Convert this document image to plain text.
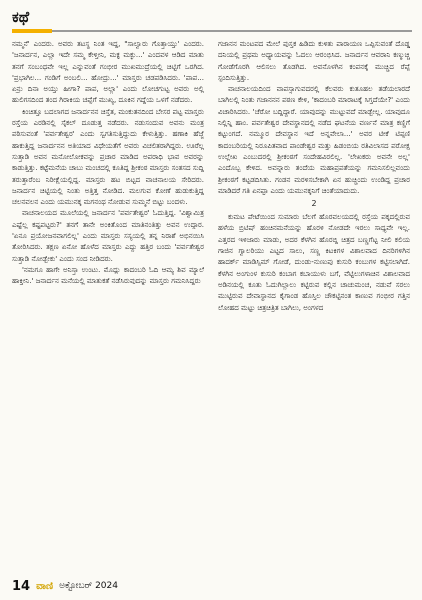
ಕಥೆ

ನಮ್ಮನೆ' ಎಂದರು. ಅವರು ತಟಸ್ಥ ನಿಂತ ಇದ್ದ, "ಸಾಲ್ವಾರು ಗೊತ್ತಾಯ್ತು' ಎಂದರು. 'ಜನಾರ್ದನ, ಎಲ್ಲಾ ಇದೇ ಸಮ್ಮ ಕೇಳ್ತೀನಿ, ಮಕ್ಳ ಮಕ್ಳು...' ಎಂದವಳ ಆಡಿದ ಮಾತು ತನಗೆ ಸಂಬಂಧವೇ ಇಲ್ಲ ಎನ್ನುವಂತೆ ಗಂಭೀರ ಮುಖಮುದ್ರೆಯಲ್ಲಿ ಚಿಟ್ಟಿಗೆ ಒರಗಿದ. 'ಪ್ರಭಾಗಿಲ... ಗಂಡಿಗೆ ಅಂಬಲಿ... ಹೋದ್ರು...' ಮಾಸ್ತರು ಚಡಪಡಿಸಿದರು. 'ಪಾಪ... ಏನ್ರು ದಿನಾ ಅಯ್ತು ಹೀಗಾ? ಪಾಪ, ಅಲ್ಲಾ' ಎಂದು ಲೋಚಗುಟ್ಟ ಅವರು ಅಲ್ಲಿ ಹುಲಿಗಸದಿಂದ ತಂದ ಗಿರಾಕಿಯ ಚಪ್ಪೆಗೆ ಮುಖ್ಯ, ದೂಕಿನ ಗದ್ದೆಯ ಒಳಗೆ ನಡೆದರು.

ಕಿಂಚಿತ್ತೂ ಬದಲಾಗದ ಜನಾರ್ದನನ ಚಿಸ್ತೆತ, ಮಂಕುತನದಿಂದ ಬೇಸರ ಪಟ್ಟ ಮಾಸ್ತರು ರಸ್ತೆಯ ಎರಡಿನಲ್ಲಿ ಸೈಕಲ್ ದೂಡುತ್ತ ನಡೆದರು. ನಡುಸಂದುವ ಅವನು ಮಂತ್ರ ಪಠಿಸುವಂತೆ 'ಪರ್ವತೇಶ್ವರ' ಎಂದು ಸ್ವಗತಿಸುತ್ತಿದ್ದುದು ಕೇಳುತ್ತಿತ್ತು. ಹಣಾಕಿ ಹೆಜ್ಜೆ ಹಾಕುತ್ತಿದ್ದ ಜನಾರ್ದನನ ಅತಿಯಾದ ವಿಧೇಯತೆಗೆ ಅವರು ವಿಚಲಿತರಾಗಿದ್ದರು. ಊರೆಲ್ಲ ಸುತ್ತಾಡಿ ಅವನ ಮನೋಲೋಕವನ್ನು ಪ್ರಚಾರ ಮಾಡಿದ ಅಪರಾಧಿ ಭಾವ ಅವರನ್ನು ಕಾಡುತ್ತಿತ್ತು. ಕಟ್ಟೆಮನೆಯ ಚಾಬು ಮಂಚದಲ್ಲಿ ಕೂತಿದ್ದ ಶ್ರೀಕಂಠ ಮಾಸ್ತರು ಸಂತಸದ ಸುದ್ದಿ ತರುತ್ತಾರೆಂಬ ನಿರೀಕ್ಷೆಯಲ್ಲಿದ್ದ. ಮಾಸ್ತರು ಹಟ ಬಿಟ್ಟದ ವಾಚನಾಲಯ ಸೇರಿದರು. ಜನಾರ್ದನ ಚಿಟ್ಟಿಯಲ್ಲಿ ನಿಂತು ಅತ್ತಿತ್ತ ನೋಡಿದ. ಮಲಗುವ ಕೋಣೆ ಹುಡುಕುತ್ತಿದ್ದ ಚಲನವಲನ ಎಂದು ಯಮುನಕ್ಕ ಮಗನಂಥ ನೋಡುವ ಸುಮ್ಮನೆ ಬಿಟ್ಟು ಬಂದಳು.

ವಾಚನಾಲಯದ ಮೂಲೆಯಲ್ಲಿ ಜನಾರ್ದನ 'ಪರ್ವತೇಶ್ವರ' ಓದುತ್ತಿದ್ದ. 'ವಿಶ್ವಾಮಿತ್ರ ಎಷ್ಟೆಲ್ಲ ಕಷ್ಟಪಟ್ಟರು?' ತನಗೆ ತಾನೇ ಅಂಕಿತೊಂದ ಮಾತಿನಂತಿತ್ತು ಅವನ ಉದ್ಗಾರ. 'ಏನೂ ಪ್ರಯೋಜನವಾಗಲಿಲ್ಲ' ಎಂದು ಮಾಸ್ತರು ಸಸ್ಯಯಲ್ಲಿ ತನ್ನ ನಿರಾಶೆ ಅಭಿನಯಿಸಿ ತೋರಿಸಿದರು. ತಕ್ಷಣ ಏನೋ ಹೊಳೆದ ಮಾಸ್ತರು ಎದ್ದು ಹತ್ತಿರ ಬಂದು 'ಪರ್ವತೇಶ್ವರ ಸುತ್ತಾಡಿ ನೋಡ್ಬೇಕು' ಎಂದು ಸಂದ ನೀಡಿದರು.

'ನಮಗೂ ಹಾಗೇ ಅನಿಸ್ತಾ ಉಂಟು. ಮೊದ್ಲು ಕಾದಂಬರಿ ಓದಿ ಆಮ್ಯ ಶಿವ ಮ್ಯಾಲೆ ಹಾಕ್ತೀನಿ.' ಜನಾರ್ದನ ಮನೆಯಲ್ಲಿ ಮಾತುಕತೆ ನಡೆಸಿರುವುದನ್ನು ಮಾಸ್ತರು ಗಮನಿಸಿದ್ದರು

ಗಜಾನನ ಮಂಟಪದ ಮೇಲೆ ಪುಸ್ತಕ ಹಿಡಿದು ಕುಳಿತು ಪಾರಾಯಣ ಒಪ್ಪಿಸುವಂತೆ ದೊಡ್ಡ ದನಿಯಲ್ಲಿ ಪ್ರಥಮ ಅಧ್ಯಾಯವನ್ನು ಓದಲು ಆರಂಭಿಸಿದ. ಜನಾರ್ದನ ಆವರಾನಿ ಕಣ್ಮುಚ್ಚಿ ಗೋಡೆಗೊರಗಿ ಆಲಿಸಲು ತೊಡಗಿದ. ಅವನೊಳಗಿನ ಕಂಪನಕ್ಕೆ ಮುಚ್ಚಿದ ರೆಪ್ಪೆ ಸ್ಪಂದಿಸುತ್ತಿತ್ತು.

ವಾಚನಾಲಯದಿಂದ ವಾಪಸ್ಸಾಗುವದರಲ್ಲಿ ಕೆಲವರು ಕುತೂಹಲ ತಡೆಯಲಾರದೆ ಬಾಗಿಲಲ್ಲಿ ನಿಂತು ಗಜಾನನನ ಪಠಣ ಕೇಳಿ, 'ಕಾದಂಬರಿ ಮಾರಾಟಕ್ಕೆ ಸಿಗ್ತದೆಯೇ?' ಎಂದು ವಿಚಾರಿಸಿದರು. 'ಚೆರೋ ಬದ್ದಿದ್ದಾರೆ. ಯಾವುದನ್ನು ಮುಟ್ಟುವದೆ ಮಾಡ್ಬೇಲ್ಲ. ಯಾವುದೂ ನಿಲ್ಲಿನ್ನಿ ಹಾಂ. ಪರ್ವತೇಶ್ವರ ದೇವಸ್ಥಾನದಲ್ಲಿ ನಡೆದ ಘಟನೆಯ ವರ್ಣನೆ ಮಾತ್ರ ಕಣ್ಣಿಗೆ ಕಟ್ಟುಂಗದೆ. ನಮ್ಮೂರ ದೇವಸ್ಥಾನ ಇದೆ ಅನ್ನವೇಲಾ...' ಅವರ ಟೀಕೆ ಟಿಪ್ಪಣಿ ಕಾದಂಬರಿಯಲ್ಲಿ ನಿರೂಪಿತವಾದ ಪಾಂಡೇಶ್ವರ ಮತ್ತು ಹಿಡಂಬಿಯ ರತಿವಿಲಾಸದ ಪರೋಕ್ಷ ಉಲ್ಲೇಖ ಎಂಬುದರಲ್ಲಿ ಶ್ರೀಕಂಠಗೆ ಸಂದೇಹವಿರಲಿಲ್ಲ. 'ಲೇಖಕರು ಅವನೇ ಅಲ್ಲ' ಎಂದೊಬ್ಬ ಕೇಳಿದ. ಅವನ್ನಾರು ತಂದೆಯ ಮಹಾಪ್ರಪತೆಯನ್ನು ಗಮನಿಸಲಿಲ್ಲವಂದು ಶ್ರೀಕಂಠಗೆ ಕಟ್ಟಡದಿಸಿತು. ಗಂಡನ ಮರಳಿಸಬೇಕಾಗಿ ಏನ ಹುಚ್ಚಿಂದು ಉಂಡಿದ್ದ ಪ್ರಚಾರ ಮಾಡಿದರೆ ಗತಿ ಏನಪ್ಪಾ ಎಂದು ಯಮುನಕ್ಕನಿಗೆ ಚಿಂತೆಯಾದುದು.

2

ಕುಮಟ ಪೇಟೆಯಿಂದ ಸುಮಾರು ಬೆಲಗೆ ಹೊರವಲಯದಲ್ಲಿ ರಸ್ತೆಯ ಪಕ್ಕದಲ್ಲಿರುವ ಹಳೆಯ ಬ್ರಿಟಿಷ್ ಹಂಚಿನಮನೆಯನ್ನು ಹೊರಳಿ ನೋಡದೇ ಇರಲು ಸಾಧ್ಯವೇ ಇಲ್ಲ. ಎತ್ತರದ ಇಳಿಜಾರು ಮಾಡು, ಅದರ ಕೆಳಗಿನ ಹೊರಬ್ದಿ ಚಿತ್ರದ ಬಣ್ಣಗೆಟ್ಟ ನೀಲಿ ಕಲಿಯ ಗಾಜಿನ ಗ್ವಾಲರಿಯು ಎಟ್ಟದ ಸಾಲು, ಸಣ್ಣ ಕಿಟಕಿಗಳ ವಿಶಾಲವಾದ ದಿನರಿಗಳಿಗಿನ ಹಾದರ್ಕ್ ಮಾಡಿಸ್ಸಿಮ್ ಗೋಡೆ, ದುಂಡು-ನುಣುಪು ಕುಸುರಿ ಕಂಬುಗಳ ಕಟ್ಟಿಸಲಾಗಿದೆ. ಕೆಳಗಿನ ಅಂಗುಂಳ ಕುಸುರಿ ಕಂಬಾಗ ಕಬಾಯುಳು ಬಗೆ, ವೆಟ್ಟಿಲುಗಳಾಚಿನ ವಿಶಾಲವಾದ ಅಡಿನಯಲ್ಲಿ ಕೂತು ಓದುಗಿಲ್ಲಾಲು ಕಟ್ಟಿರುವ ಕಲ್ಲಿನ ಚಾಚುಮಂಚ, ನಡುವೆ ಸರಲು ಮುಟ್ಟಿರುವ ದೇವಾಸ್ಥಾನದ ಕೈಗಾಂಡ ಹೊಸ್ತಿಲ ಚೌಕಟ್ಟಿನಂತ ಕಾಣುವ ಗಂಭೀರ ಗತ್ತಿನ ಲೋಹದ ಮಟ್ಟು ಚಿತ್ರಚಿತ್ರಿತ ಬಾಗಿಲು, ಅಂಗಳದ

14 ವಾಣಿ ಅಕ್ಟೋಬರ್ 2024
